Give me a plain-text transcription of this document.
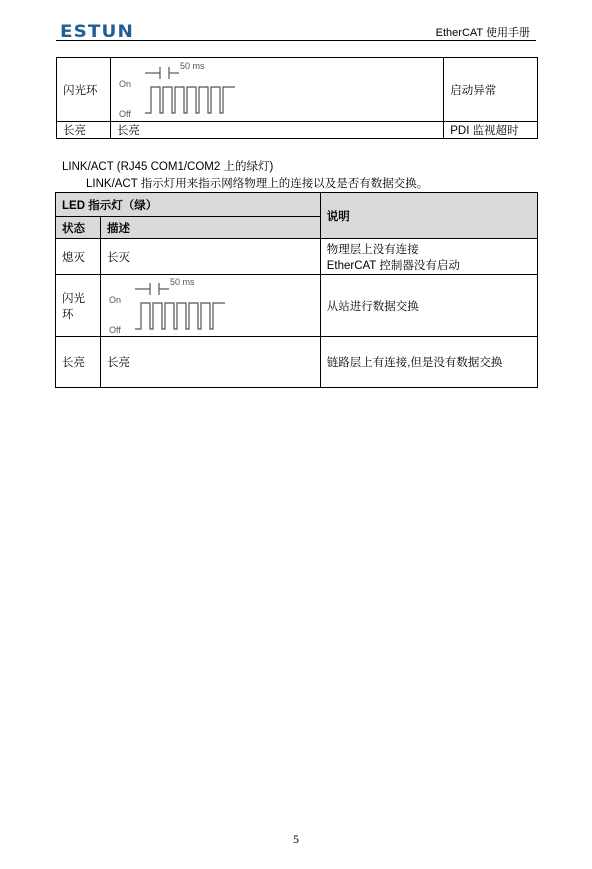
ESTUN	EtherCAT 使用手册
闪光环	50 ms
On
Off	启动异常
长亮	长亮	PDI 监视超时
LINK/ACT (RJ45 COM1/COM2 上的绿灯)
LINK/ACT 指示灯用来指示网络物理上的连接以及是否有数据交换。
LED 指示灯（绿）		说明
状态	描述	
熄灭	长灭	物理层上没有连接
EtherCAT 控制器没有启动

闪光环	50 ms
On
Off	从站进行数据交换
长亮	长亮	链路层上有连接,但是没有数据交换
5
